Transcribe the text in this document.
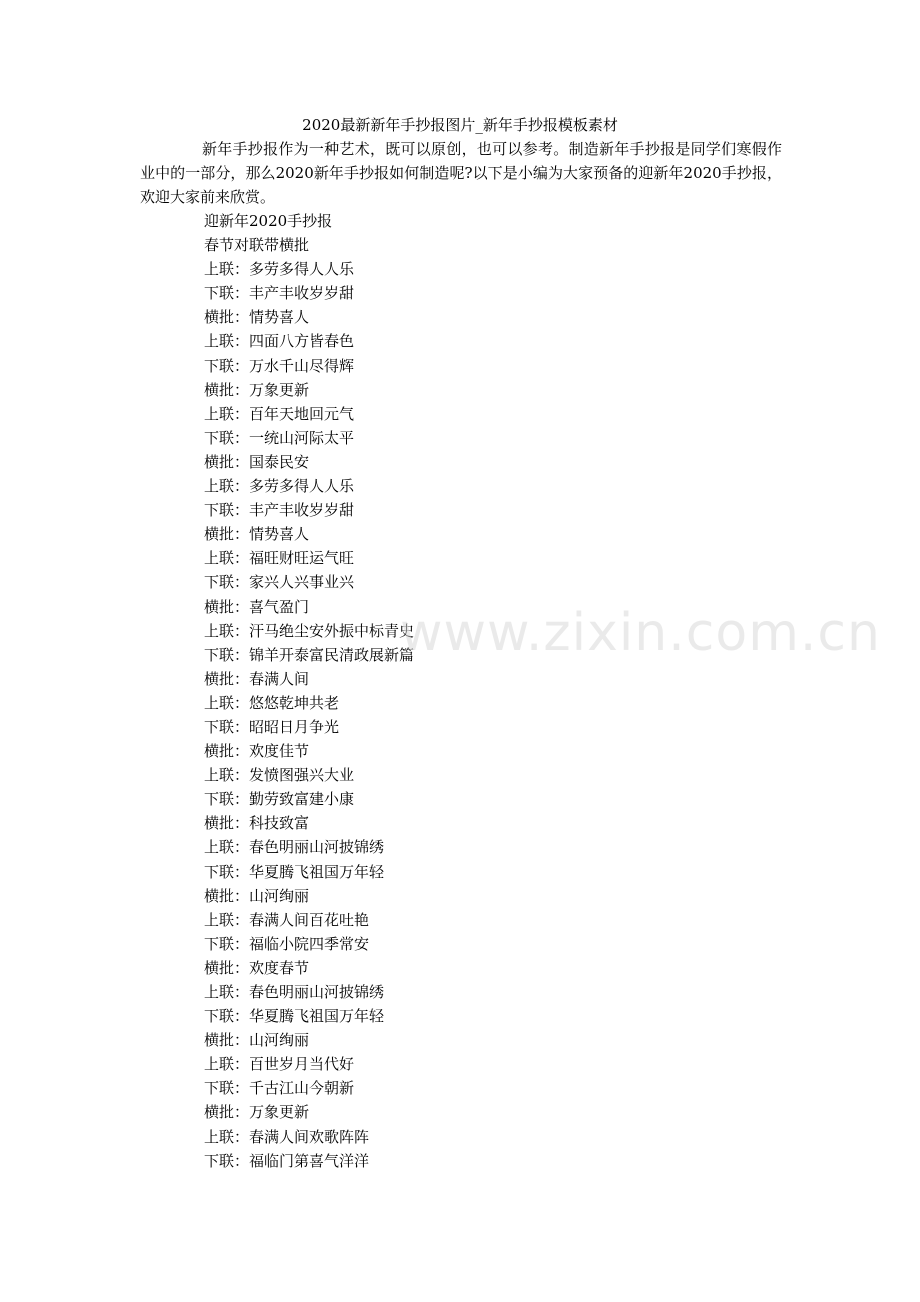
2020最新新年手抄报图片_新年手抄报模板素材
新年手抄报作为一种艺术，既可以原创，也可以参考。制造新年手抄报是同学们寒假作业中的一部分，那么2020新年手抄报如何制造呢?以下是小编为大家预备的迎新年2020手抄报，欢迎大家前来欣赏。
迎新年2020手抄报
春节对联带横批
上联：多劳多得人人乐
下联：丰产丰收岁岁甜
横批：情势喜人
上联：四面八方皆春色
下联：万水千山尽得辉
横批：万象更新
上联：百年天地回元气
下联：一统山河际太平
横批：国泰民安
上联：多劳多得人人乐
下联：丰产丰收岁岁甜
横批：情势喜人
上联：福旺财旺运气旺
下联：家兴人兴事业兴
横批：喜气盈门
上联：汗马绝尘安外振中标青史
下联：锦羊开泰富民清政展新篇
横批：春满人间
上联：悠悠乾坤共老
下联：昭昭日月争光
横批：欢度佳节
上联：发愤图强兴大业
下联：勤劳致富建小康
横批：科技致富
上联：春色明丽山河披锦绣
下联：华夏腾飞祖国万年轻
横批：山河绚丽
上联：春满人间百花吐艳
下联：福临小院四季常安
横批：欢度春节
上联：春色明丽山河披锦绣
下联：华夏腾飞祖国万年轻
横批：山河绚丽
上联：百世岁月当代好
下联：千古江山今朝新
横批：万象更新
上联：春满人间欢歌阵阵
下联：福临门第喜气洋洋
www.zixin.com.cn
